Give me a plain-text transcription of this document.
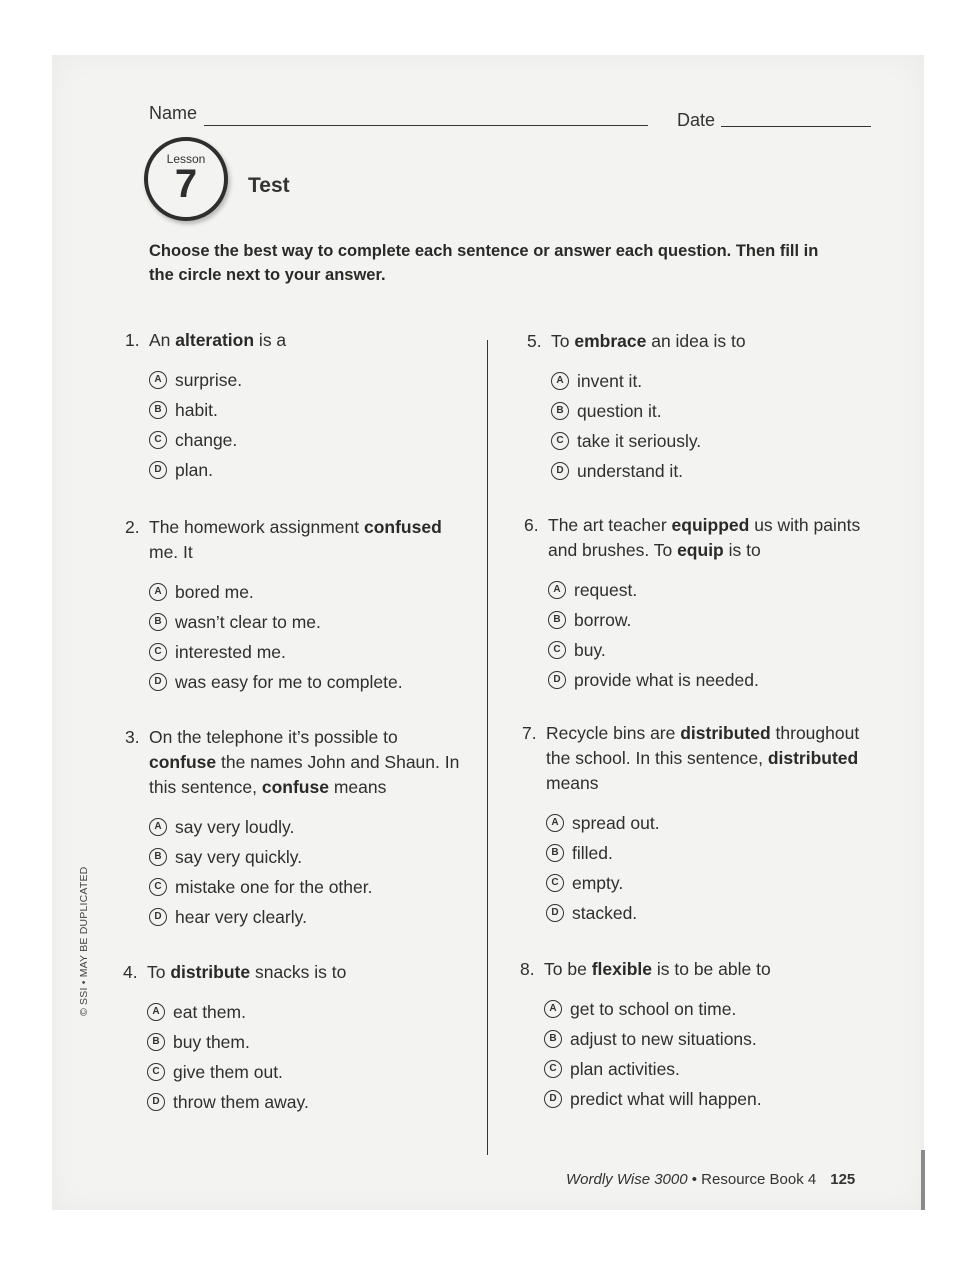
Name	Date
Lesson
7	Test
Choose the best way to complete each sentence or answer each question. Then fill in the circle next to your answer.
1. An alteration is a
A surprise.
B habit.
C change.
D plan.
2. The homework assignment confused me. It
A bored me.
B wasn’t clear to me.
C interested me.
D was easy for me to complete.
3. On the telephone it’s possible to confuse the names John and Shaun. In this sentence, confuse means
A say very loudly.
B say very quickly.
C mistake one for the other.
D hear very clearly.
4. To distribute snacks is to
A eat them.
B buy them.
C give them out.
D throw them away.
5. To embrace an idea is to
A invent it.
B question it.
C take it seriously.
D understand it.
6. The art teacher equipped us with paints and brushes. To equip is to
A request.
B borrow.
C buy.
D provide what is needed.
7. Recycle bins are distributed throughout the school. In this sentence, distributed means
A spread out.
B filled.
C empty.
D stacked.
8. To be flexible is to be able to
A get to school on time.
B adjust to new situations.
C plan activities.
D predict what will happen.
Wordly Wise 3000 • Resource Book 4 125
© SSI • MAY BE DUPLICATED
